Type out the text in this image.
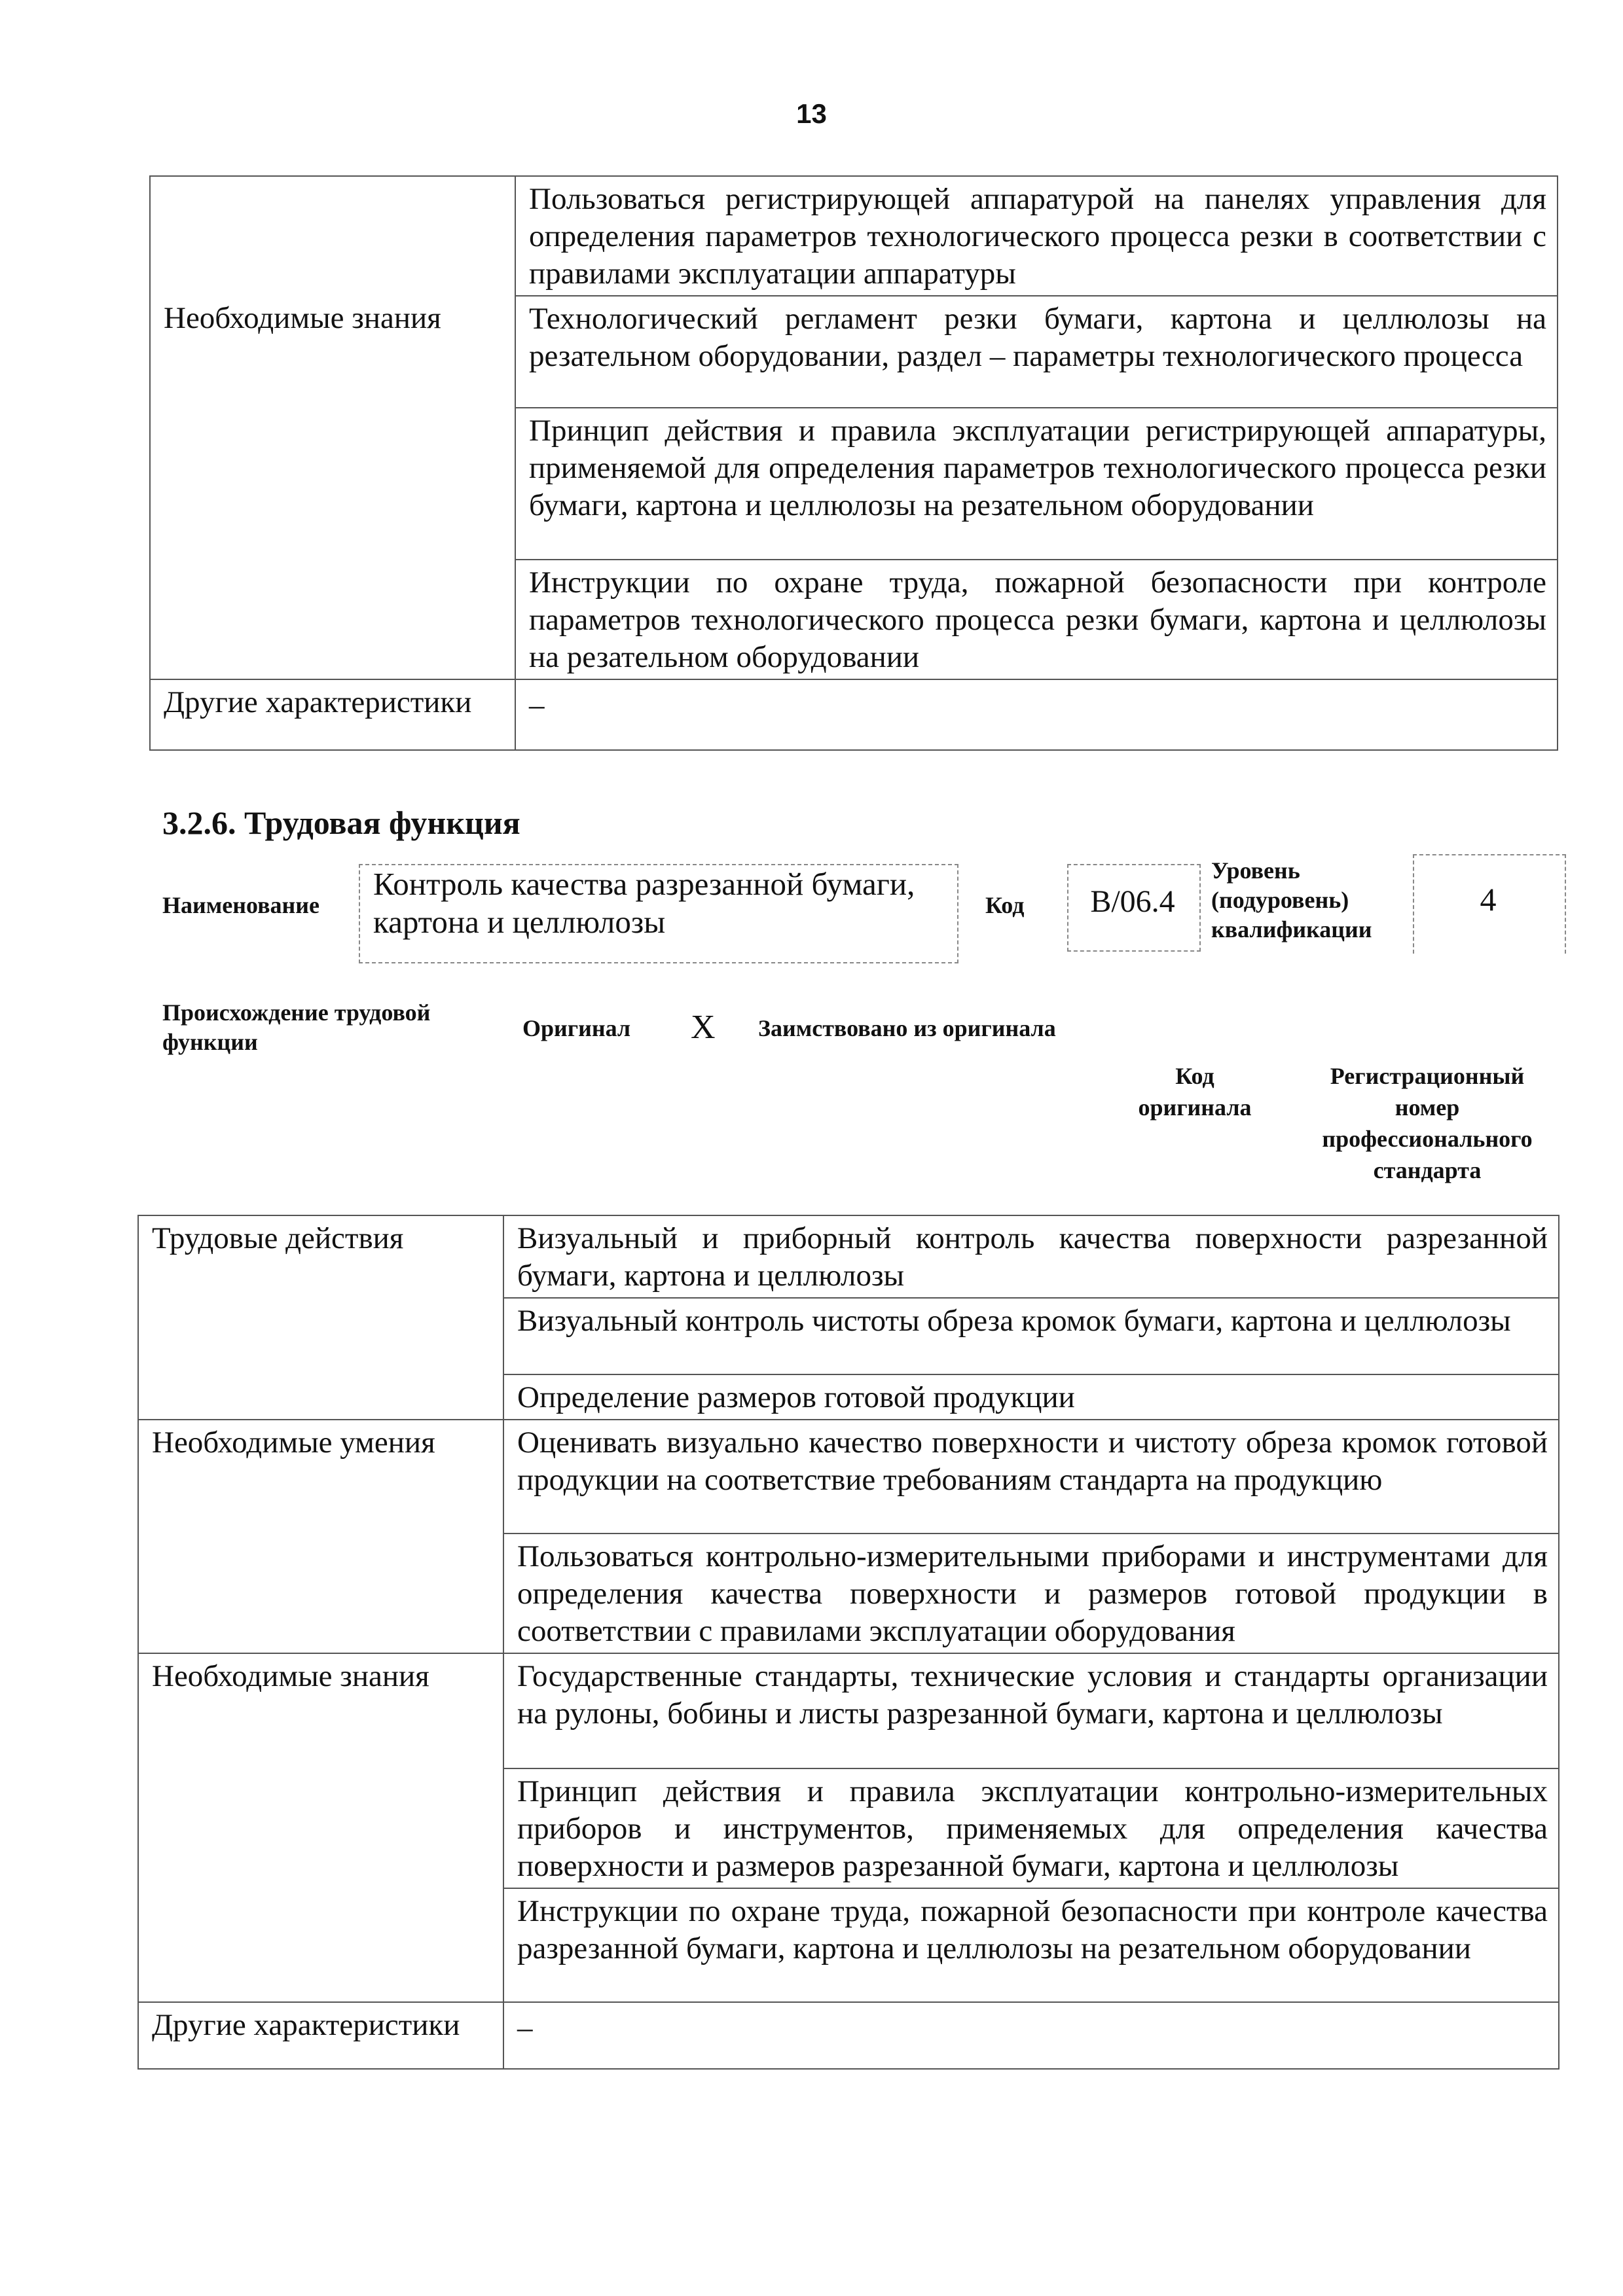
13
	Пользоваться регистрирующей аппаратурой на панелях управления для определения параметров технологического процесса резки в соответствии с правилами эксплуатации аппаратуры
Необходимые знания	Технологический регламент резки бумаги, картона и целлюлозы на резательном оборудовании, раздел – параметры технологического процесса
	Принцип действия и правила эксплуатации регистрирующей аппаратуры, применяемой для определения параметров технологического процесса резки бумаги, картона и целлюлозы на резательном оборудовании
	Инструкции по охране труда, пожарной безопасности при контроле параметров технологического процесса резки бумаги, картона и целлюлозы на резательном оборудовании
Другие характеристики	–
3.2.6. Трудовая функция
Наименование
Контроль качества разрезанной бумаги, картона и целлюлозы	Код	B/06.4
Уровень (подуровень) квалификации
4
Происхождение трудовой функции
Оригинал X Заимствовано из оригинала
Код оригинала
Регистрационный номер профессионального стандарта
Трудовые действия	Визуальный и приборный контроль качества поверхности разрезанной бумаги, картона и целлюлозы
	Визуальный контроль чистоты обреза кромок бумаги, картона и целлюлозы
	Определение размеров готовой продукции
Необходимые умения	Оценивать визуально качество поверхности и чистоту обреза кромок готовой продукции на соответствие требованиям стандарта на продукцию
	Пользоваться контрольно-измерительными приборами и инструментами для определения качества поверхности и размеров готовой продукции в соответствии с правилами эксплуатации оборудования
Необходимые знания	Государственные стандарты, технические условия и стандарты организации на рулоны, бобины и листы разрезанной бумаги, картона и целлюлозы
	Принцип действия и правила эксплуатации контрольно-измерительных приборов и инструментов, применяемых для определения качества поверхности и размеров разрезанной бумаги, картона и целлюлозы
	Инструкции по охране труда, пожарной безопасности при контроле качества разрезанной бумаги, картона и целлюлозы на резательном оборудовании
Другие характеристики	–
